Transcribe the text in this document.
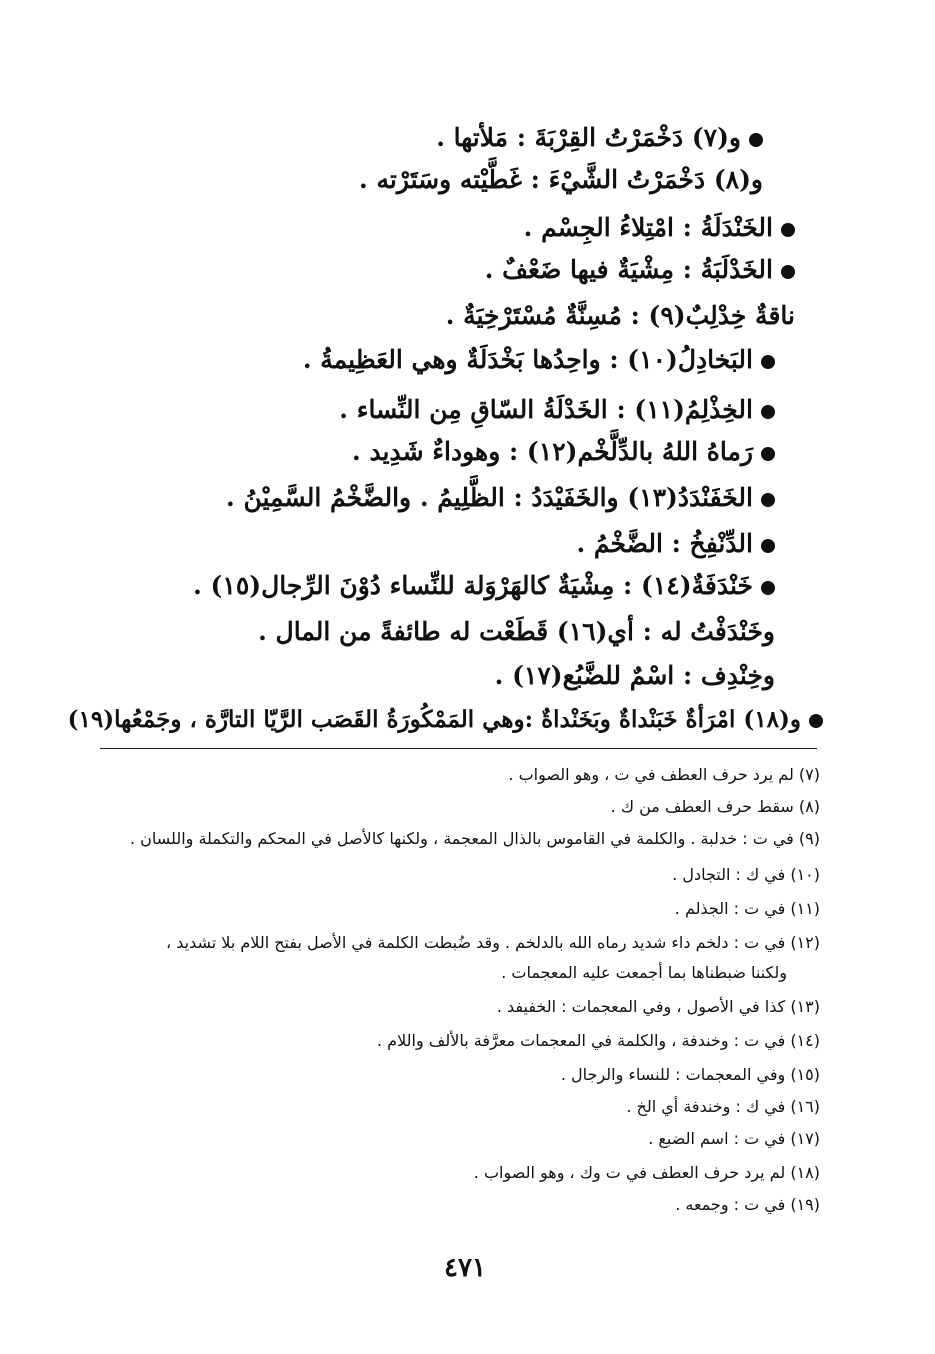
و(٧) دَخْمَرْتُ القِرْبَةَ : مَلأتها .
و(٨) دَخْمَرْتُ الشَّيْءَ : غَطَّيْته وسَتَرْته .
الخَنْدَلَةُ : امْتِلاءُ الجِسْم .
الخَدْلَبَةُ : مِشْيَةٌ فيها ضَعْفٌ .
ناقةٌ خِدْلِبٌ(٩) : مُسِنَّةٌ مُسْتَرْخِيَةٌ .
البَخادِلُ(١٠) : واحِدُها بَخْدَلَةٌ وهي العَظِيمةُ .
الخِذْلِمُ(١١) : الخَدْلَةُ السّاقِ مِن النِّساء .
رَماهُ اللهُ بالدِّلَّخْم(١٢) : وهوداءٌ شَدِيد .
الخَفَنْدَدُ(١٣) والخَفَيْدَدُ : الظَّلِيمُ . والضَّخْمُ السَّمِيْنُ .
الدِّنْفِخُ : الضَّخْمُ .
خَنْدَفَةٌ(١٤) : مِشْيَةٌ كالهَرْوَلة للنِّساء دُوْنَ الرِّجال(١٥) .
وخَنْدَفْتُ له : أي(١٦) قَطَعْت له طائفةً من المال .
وخِنْدِف : اسْمٌ للضَّبُع(١٧) .
و(١٨) امْرَأةٌ خَبَنْداةٌ وبَخَنْداةٌ :وهي المَمْكُورَةُ القَصَب الرَّيّا التارَّة ، وجَمْعُها(١٩)
(٧) لم يرد حرف العطف في ت ، وهو الصواب .
(٨) سقط حرف العطف من ك .
(٩) في ت : خدلبة . والكلمة في القاموس بالذال المعجمة ، ولكنها كالأصل في المحكم والتكملة واللسان .
(١٠) في ك : التجادل .
(١١) في ت : الجذلم .
(١٢) في ت : دلخم داء شديد رماه الله بالدلخم . وقد ضُبطت الكلمة في الأصل بفتح اللام بلا تشديد ،
ولكننا ضبطناها بما أجمعت عليه المعجمات .
(١٣) كذا في الأصول ، وفي المعجمات : الخفيفد .
(١٤) في ت : وخندفة ، والكلمة في المعجمات معرَّفة بالألف واللام .
(١٥) وفي المعجمات : للنساء والرجال .
(١٦) في ك : وخندفة أي الخ .
(١٧) في ت : اسم الضبع .
(١٨) لم يرد حرف العطف في ت وك ، وهو الصواب .
(١٩) في ت : وجمعه .
٤٧١
